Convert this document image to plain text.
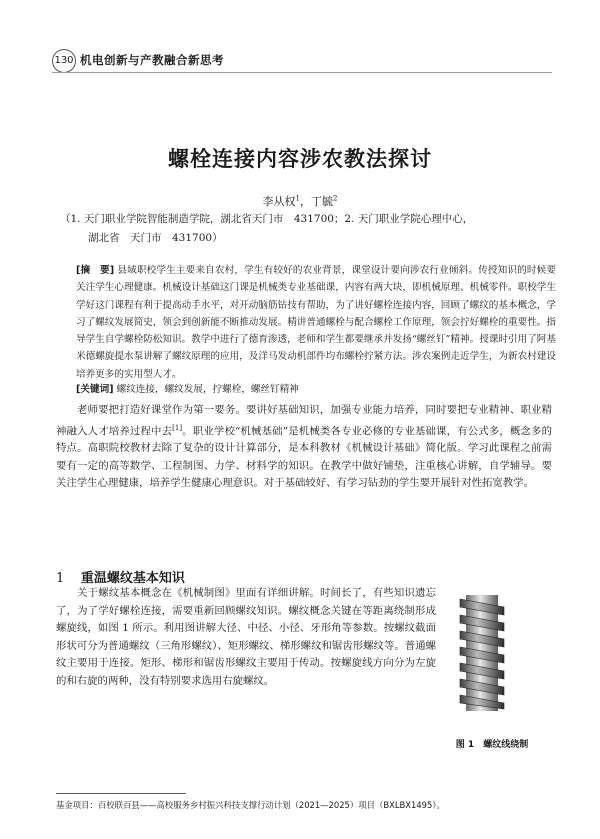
130 机电创新与产教融合新思考
螺栓连接内容涉农教法探讨
李从权$^1$，丁毓$^2$
（1. 天门职业学院智能制造学院，湖北省天门市　431700；2. 天门职业学院心理中心，
湖北省　天门市　431700）
[摘　要] 县域职校学生主要来自农村，学生有较好的农业背景，课堂设计要向涉农行业倾斜。传授知识的时候要关注学生心理健康。机械设计基础这门课是机械类专业基础课，内容有两大块，即机械原理、机械零件。职校学生学好这门课程有利于提高动手水平，对开动脑筋钻技有帮助，为了讲好螺栓连接内容，回顾了螺纹的基本概念，学习了螺纹发展简史，领会到创新能不断推动发展。精讲普通螺栓与配合螺栓工作原理，领会拧好螺栓的重要性。指导学生自学螺栓防松知识。教学中进行了德育渗透，老师和学生都要继承并发扬“螺丝钉”精神。授课时引用了阿基米德螺旋提水泵讲解了螺纹原理的应用，及洋马发动机部件均布螺栓拧紧方法。涉农案例走近学生，为新农村建设培养更多的实用型人才。
[关键词] 螺纹连接，螺纹发展，拧螺栓，螺丝钉精神
老师要把打造好课堂作为第一要务。要讲好基础知识，加强专业能力培养，同时要把专业精神、职业精神融入人才培养过程中去[1]。职业学校“机械基础”是机械类各专业必修的专业基础课，有公式多，概念多的特点。高职院校教材去除了复杂的设计计算部分，是本科教材《机械设计基础》简化版。学习此课程之前需要有一定的高等数学、工程制图、力学、材料学的知识。在教学中做好铺垫，注重核心讲解，自学辅导。要关注学生心理健康，培养学生健康心理意识。对于基础较好、有学习钻劲的学生要开展针对性拓宽教学。
1 重温螺纹基本知识
关于螺纹基本概念在《机械制图》里面有详细讲解。时间长了，有些知识遗忘了，为了学好螺栓连接，需要重新回顾螺纹知识。螺纹概念关键在等距离绕制形成螺旋线，如图 1 所示。利用图讲解大径、中径、小径、牙形角等参数。按螺纹截面形状可分为普通螺纹（三角形螺纹）、矩形螺纹、梯形螺纹和锯齿形螺纹等。普通螺纹主要用于连接。矩形、梯形和锯齿形螺纹主要用于传动。按螺旋线方向分为左旋的和右旋的两种，没有特别要求选用右旋螺纹。
图 1　螺纹线绕制
基金项目：百校联百县——高校服务乡村振兴科技支撑行动计划（2021—2025）项目（BXLBX1495）。
